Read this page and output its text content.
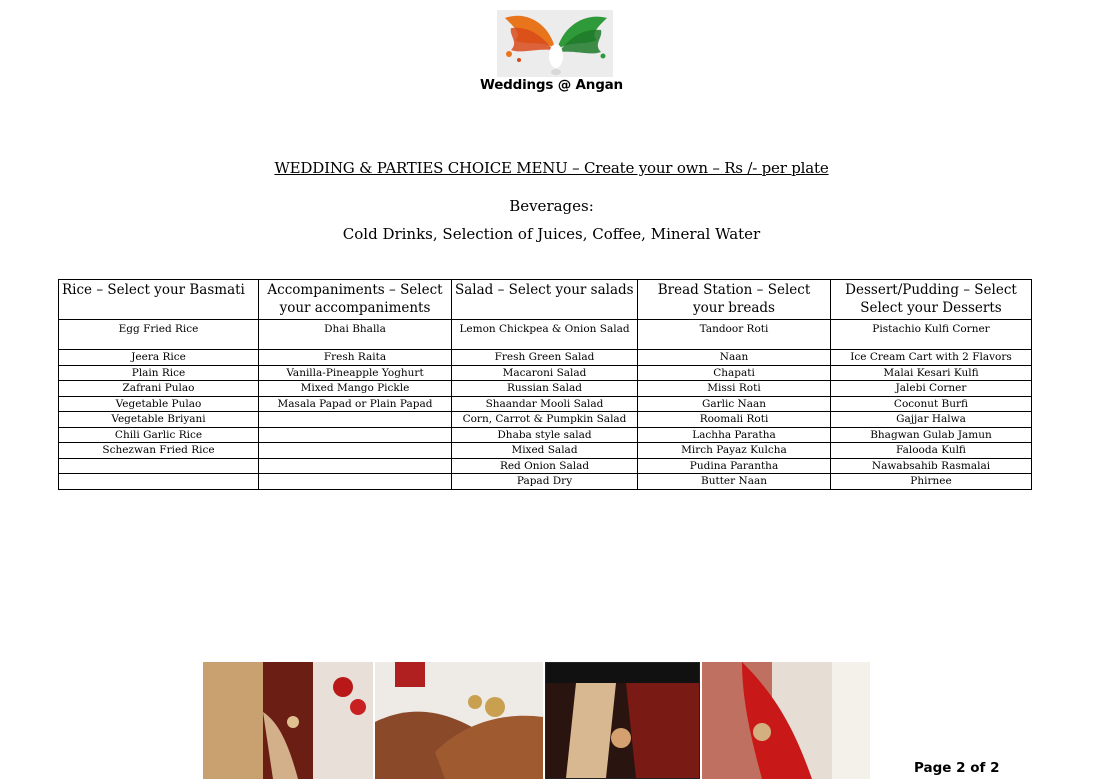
Weddings @ Angan
WEDDING & PARTIES CHOICE MENU – Create your own – Rs /- per plate
Beverages:
Cold Drinks, Selection of Juices, Coffee, Mineral Water
Rice – Select your Basmati	Accompaniments – Select your accompaniments	Salad – Select your salads	Bread Station – Select your breads	Dessert/Pudding – Select Select your Desserts
Egg Fried Rice	Dhai Bhalla	Lemon Chickpea & Onion Salad	Tandoor Roti	Pistachio Kulfi Corner
Jeera Rice	Fresh Raita	Fresh Green Salad	Naan	Ice Cream Cart with 2 Flavors
Plain Rice	Vanilla-Pineapple Yoghurt	Macaroni Salad	Chapati	Malai Kesari Kulfi
Zafrani Pulao	Mixed Mango Pickle	Russian Salad	Missi Roti	Jalebi Corner
Vegetable Pulao	Masala Papad or Plain Papad	Shaandar Mooli Salad	Garlic Naan	Coconut Burfi
Vegetable Briyani		Corn, Carrot & Pumpkin Salad	Roomali Roti	Gajjar Halwa
Chili Garlic Rice		Dhaba style salad	Lachha Paratha	Bhagwan Gulab Jamun
Schezwan Fried Rice		Mixed Salad	Mirch Payaz Kulcha	Falooda Kulfi
		Red Onion Salad	Pudina Parantha	Nawabsahib Rasmalai
		Papad Dry	Butter Naan	Phirnee
Page 2 of 2
